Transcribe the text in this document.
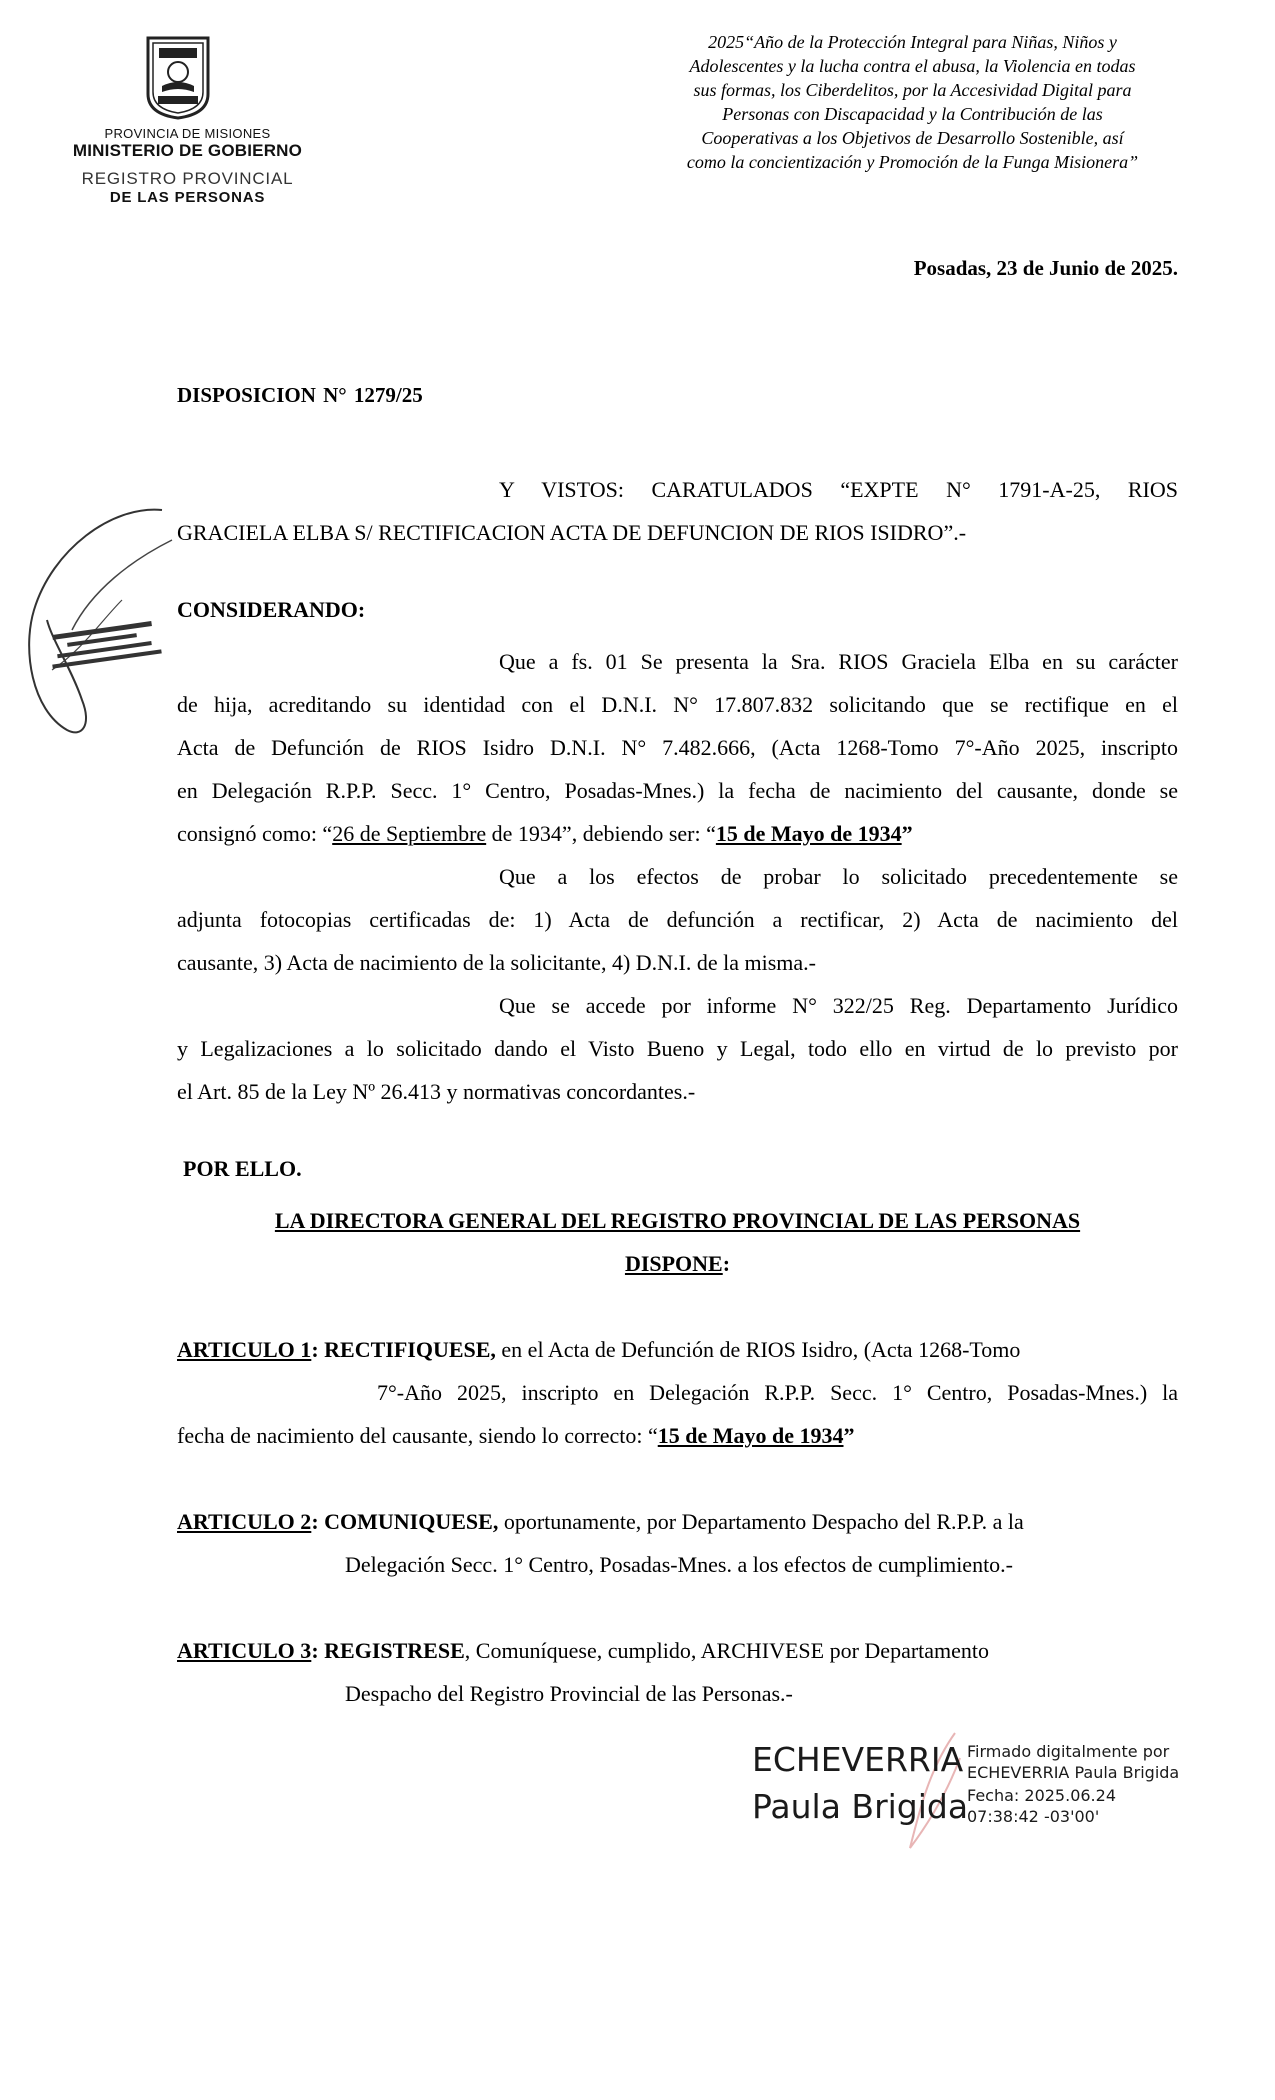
PROVINCIA DE MISIONES
MINISTERIO DE GOBIERNO
REGISTRO PROVINCIAL
DE LAS PERSONAS
2025“Año de la Protección Integral para Niñas, Niños y
Adolescentes y la lucha contra el abusa, la Violencia en todas
sus formas, los Ciberdelitos, por la Accesividad Digital para
Personas con Discapacidad y la Contribución de las
Cooperativas a los Objetivos de Desarrollo Sostenible, así
como la concientización y Promoción de la Funga Misionera”
Posadas, 23 de Junio de 2025.
DISPOSICION N° 1279/25
Y VISTOS: CARATULADOS “EXPTE N° 1791-A-25, RIOS
GRACIELA ELBA S/ RECTIFICACION ACTA DE DEFUNCION DE RIOS ISIDRO”.-
CONSIDERANDO:
Que a fs. 01 Se presenta la Sra. RIOS Graciela Elba en su carácter
de hija, acreditando su identidad con el D.N.I. N° 17.807.832 solicitando que se rectifique en el
Acta de Defunción de RIOS Isidro D.N.I. N° 7.482.666, (Acta 1268-Tomo 7°-Año 2025, inscripto
en Delegación R.P.P. Secc. 1° Centro, Posadas-Mnes.) la fecha de nacimiento del causante, donde se
consignó como: “26 de Septiembre de 1934”, debiendo ser: “15 de Mayo de 1934”
Que a los efectos de probar lo solicitado precedentemente se
adjunta fotocopias certificadas de: 1) Acta de defunción a rectificar, 2) Acta de nacimiento del
causante, 3) Acta de nacimiento de la solicitante, 4) D.N.I. de la misma.-
Que se accede por informe N° 322/25 Reg. Departamento Jurídico
y Legalizaciones a lo solicitado dando el Visto Bueno y Legal, todo ello en virtud de lo previsto por
el Art. 85 de la Ley Nº 26.413 y normativas concordantes.-
POR ELLO.
LA DIRECTORA GENERAL DEL REGISTRO PROVINCIAL DE LAS PERSONAS
DISPONE:
ARTICULO 1: RECTIFIQUESE, en el Acta de Defunción de RIOS Isidro, (Acta 1268-Tomo
7°-Año 2025, inscripto en Delegación R.P.P. Secc. 1° Centro, Posadas-Mnes.) la
fecha de nacimiento del causante, siendo lo correcto: “15 de Mayo de 1934”
ARTICULO 2: COMUNIQUESE, oportunamente, por Departamento Despacho del R.P.P. a la
Delegación Secc. 1° Centro, Posadas-Mnes. a los efectos de cumplimiento.-
ARTICULO 3: REGISTRESE, Comuníquese, cumplido, ARCHIVESE por Departamento
Despacho del Registro Provincial de las Personas.-
ECHEVERRIA
Paula Brigida
Firmado digitalmente por
ECHEVERRIA Paula Brigida
Fecha: 2025.06.24
07:38:42 -03'00'
